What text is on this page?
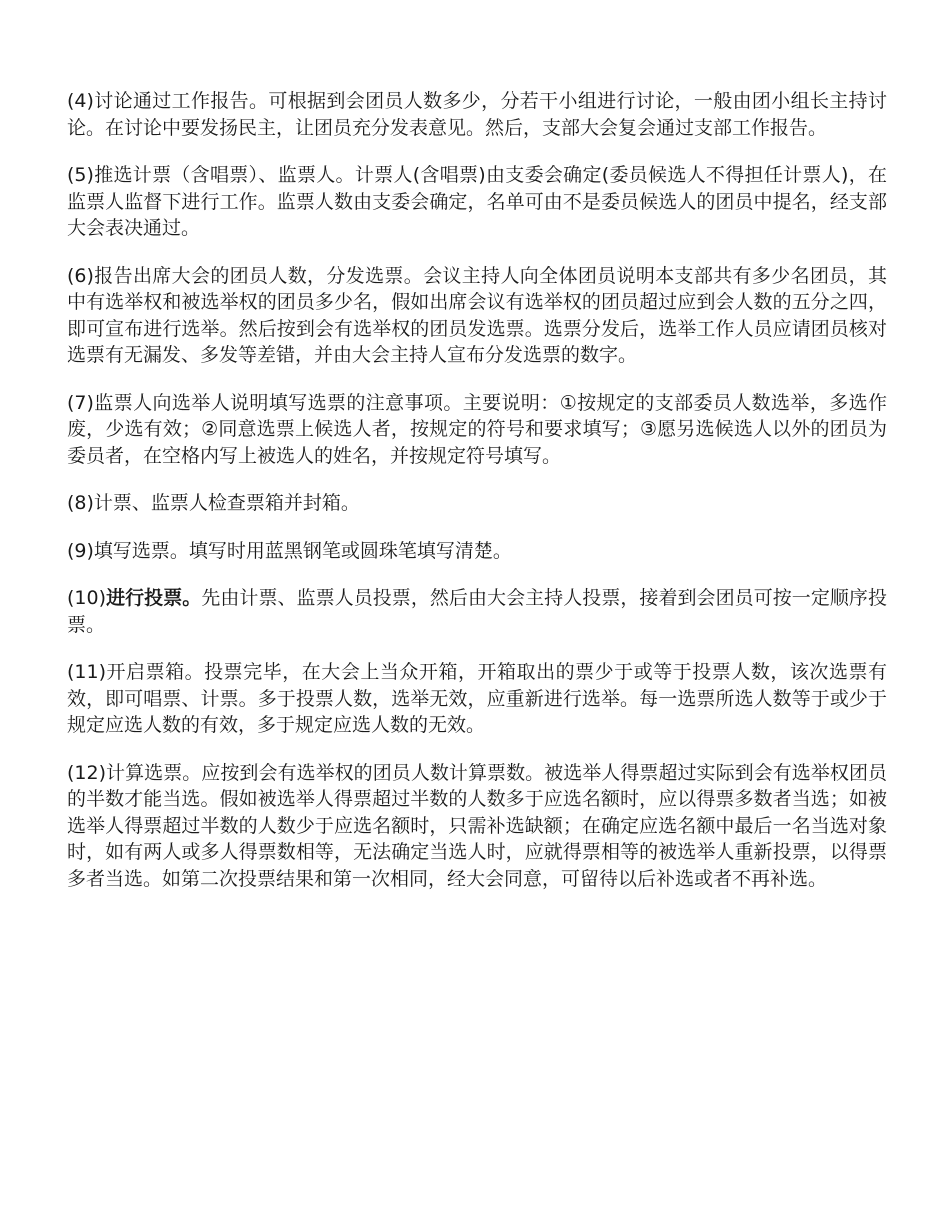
(4)讨论通过工作报告。可根据到会团员人数多少，分若干小组进行讨论，一般由团小组长主持讨论。在讨论中要发扬民主，让团员充分发表意见。然后，支部大会复会通过支部工作报告。

(5)推选计票（含唱票）、监票人。计票人(含唱票)由支委会确定(委员候选人不得担任计票人)，在监票人监督下进行工作。监票人数由支委会确定，名单可由不是委员候选人的团员中提名，经支部大会表决通过。

(6)报告出席大会的团员人数，分发选票。会议主持人向全体团员说明本支部共有多少名团员，其中有选举权和被选举权的团员多少名，假如出席会议有选举权的团员超过应到会人数的五分之四，即可宣布进行选举。然后按到会有选举权的团员发选票。选票分发后，选举工作人员应请团员核对选票有无漏发、多发等差错，并由大会主持人宣布分发选票的数字。

(7)监票人向选举人说明填写选票的注意事项。主要说明：①按规定的支部委员人数选举，多选作废，少选有效；②同意选票上候选人者，按规定的符号和要求填写；③愿另选候选人以外的团员为委员者，在空格内写上被选人的姓名，并按规定符号填写。

(8)计票、监票人检查票箱并封箱。

(9)填写选票。填写时用蓝黑钢笔或圆珠笔填写清楚。

(10)进行投票。先由计票、监票人员投票，然后由大会主持人投票，接着到会团员可按一定顺序投票。

(11)开启票箱。投票完毕，在大会上当众开箱，开箱取出的票少于或等于投票人数，该次选票有效，即可唱票、计票。多于投票人数，选举无效，应重新进行选举。每一选票所选人数等于或少于规定应选人数的有效，多于规定应选人数的无效。

(12)计算选票。应按到会有选举权的团员人数计算票数。被选举人得票超过实际到会有选举权团员的半数才能当选。假如被选举人得票超过半数的人数多于应选名额时，应以得票多数者当选；如被选举人得票超过半数的人数少于应选名额时，只需补选缺额；在确定应选名额中最后一名当选对象时，如有两人或多人得票数相等，无法确定当选人时，应就得票相等的被选举人重新投票，以得票多者当选。如第二次投票结果和第一次相同，经大会同意，可留待以后补选或者不再补选。
